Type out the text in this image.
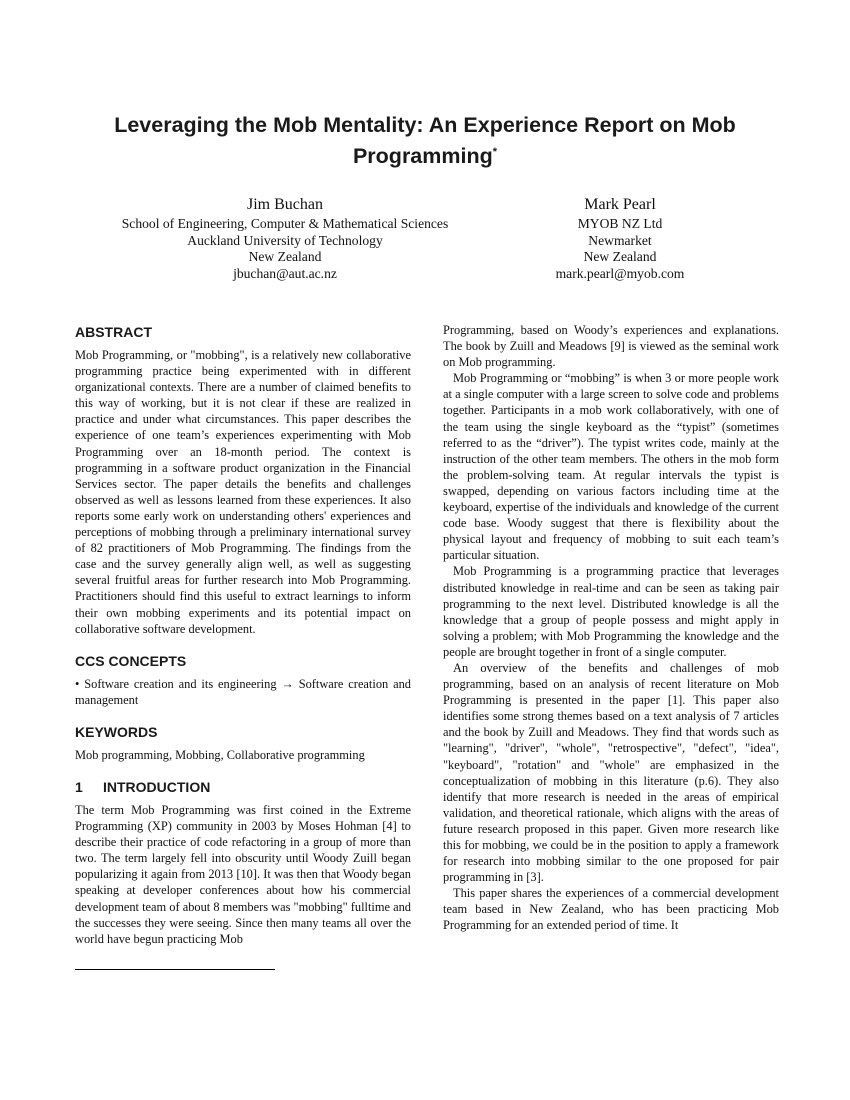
Leveraging the Mob Mentality: An Experience Report on Mob Programming*
Jim Buchan
School of Engineering, Computer & Mathematical Sciences
Auckland University of Technology
New Zealand
jbuchan@aut.ac.nz
Mark Pearl
MYOB NZ Ltd
Newmarket
New Zealand
mark.pearl@myob.com
ABSTRACT

Mob Programming, or "mobbing", is a relatively new collaborative programming practice being experimented with in different organizational contexts. There are a number of claimed benefits to this way of working, but it is not clear if these are realized in practice and under what circumstances. This paper describes the experience of one team’s experiences experimenting with Mob Programming over an 18-month period. The context is programming in a software product organization in the Financial Services sector. The paper details the benefits and challenges observed as well as lessons learned from these experiences. It also reports some early work on understanding others' experiences and perceptions of mobbing through a preliminary international survey of 82 practitioners of Mob Programming. The findings from the case and the survey generally align well, as well as suggesting several fruitful areas for further research into Mob Programming. Practitioners should find this useful to extract learnings to inform their own mobbing experiments and its potential impact on collaborative software development.

CCS CONCEPTS

• Software creation and its engineering → Software creation and management

KEYWORDS

Mob programming, Mobbing, Collaborative programming

1 INTRODUCTION

The term Mob Programming was first coined in the Extreme Programming (XP) community in 2003 by Moses Hohman [4] to describe their practice of code refactoring in a group of more than two. The term largely fell into obscurity until Woody Zuill began popularizing it again from 2013 [10]. It was then that Woody began speaking at developer conferences about how his commercial development team of about 8 members was "mobbing" fulltime and the successes they were seeing. Since then many teams all over the world have begun practicing Mob

Programming, based on Woody’s experiences and explanations. The book by Zuill and Meadows [9] is viewed as the seminal work on Mob programming.

Mob Programming or “mobbing” is when 3 or more people work at a single computer with a large screen to solve code and problems together. Participants in a mob work collaboratively, with one of the team using the single keyboard as the “typist” (sometimes referred to as the “driver”). The typist writes code, mainly at the instruction of the other team members. The others in the mob form the problem-solving team. At regular intervals the typist is swapped, depending on various factors including time at the keyboard, expertise of the individuals and knowledge of the current code base. Woody suggest that there is flexibility about the physical layout and frequency of mobbing to suit each team’s particular situation.

Mob Programming is a programming practice that leverages distributed knowledge in real-time and can be seen as taking pair programming to the next level. Distributed knowledge is all the knowledge that a group of people possess and might apply in solving a problem; with Mob Programming the knowledge and the people are brought together in front of a single computer.

An overview of the benefits and challenges of mob programming, based on an analysis of recent literature on Mob Programming is presented in the paper [1]. This paper also identifies some strong themes based on a text analysis of 7 articles and the book by Zuill and Meadows. They find that words such as "learning", "driver", "whole", "retrospective", "defect", "idea", "keyboard", "rotation" and "whole" are emphasized in the conceptualization of mobbing in this literature (p.6). They also identify that more research is needed in the areas of empirical validation, and theoretical rationale, which aligns with the areas of future research proposed in this paper. Given more research like this for mobbing, we could be in the position to apply a framework for research into mobbing similar to the one proposed for pair programming in [3].

This paper shares the experiences of a commercial development team based in New Zealand, who has been practicing Mob Programming for an extended period of time. It
